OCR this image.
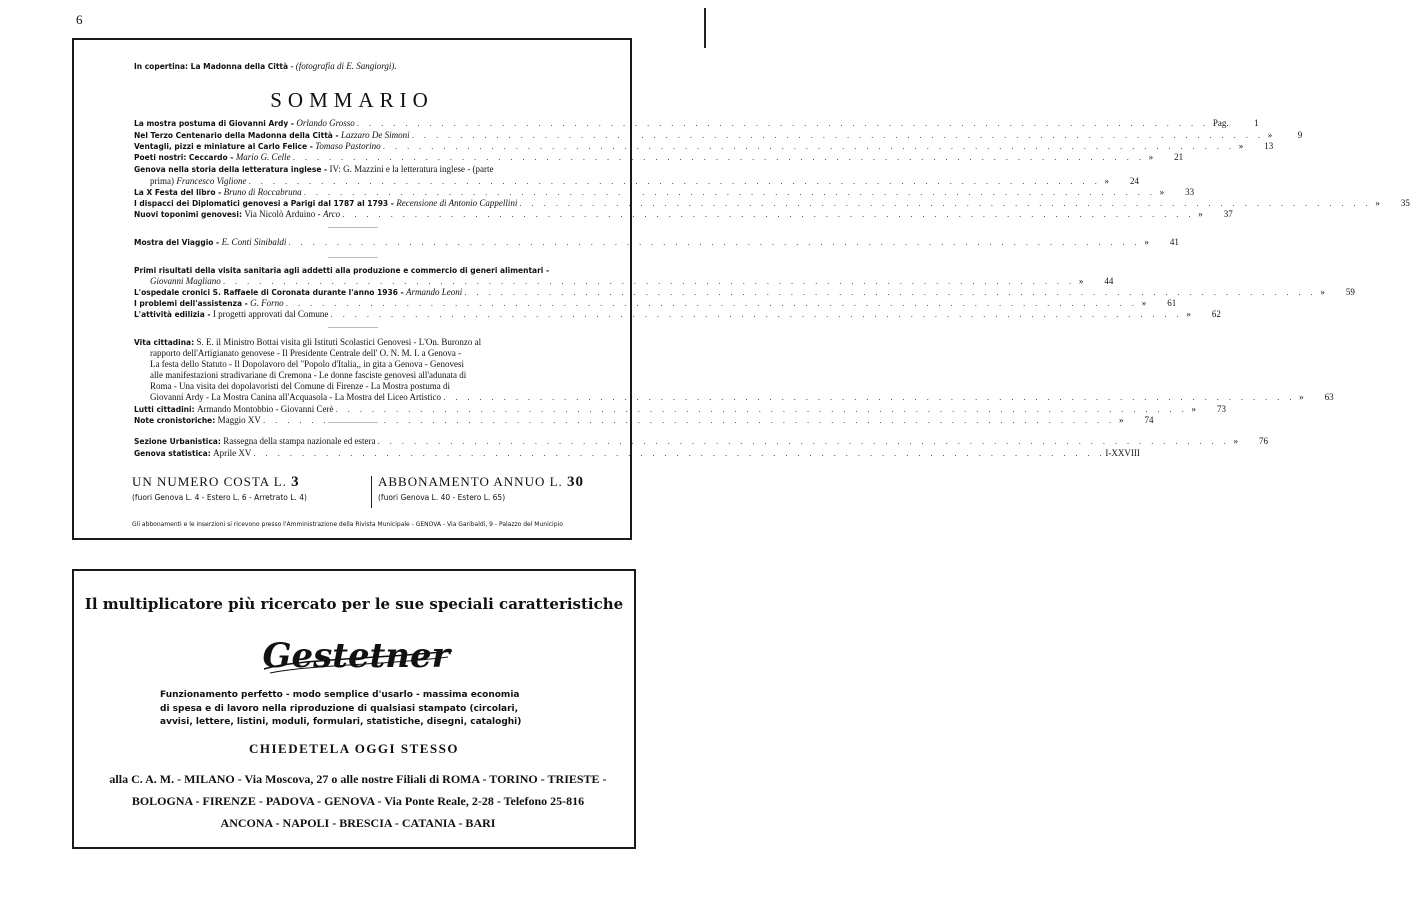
6
In copertina: La Madonna della Città - (fotografia di E. Sangiorgi).
SOMMARIO
La mostra postuma di Giovanni Ardy - Orlando Grosso . . .	Pag.	1
Nel Terzo Centenario della Madonna della Città - Lazzaro De Simoni . . .	»	9
Ventagli, pizzi e miniature al Carlo Felice - Tomaso Pastorino . . .	»	13
Poeti nostri: Ceccardo - Mario G. Celle . . .	»	21
Genova nella storia della letteratura inglese - IV: G. Mazzini e la letteratura inglese - (parte
prima) Francesco Viglione . . .	»	24
La X Festa del libro - Bruno di Roccabruna . . .	»	33
I dispacci dei Diplomatici genovesi a Parigi dal 1787 al 1793 - Recensione di Antonio Cappellini . . .	»	35
Nuovi toponimi genovesi: Via Nicolò Arduino - Arco . . .	»	37
Mostra del Viaggio - E. Conti Sinibaldi . . .	»	41
Primi risultati della visita sanitaria agli addetti alla produzione e commercio di generi alimentari -
Giovanni Magliano . . .	»	44
L'ospedale cronici S. Raffaele di Coronata durante l'anno 1936 - Armando Leoni . . .	»	59
I problemi dell'assistenza - G. Forno . . .	»	61
L'attività edilizia - I progetti approvati dal Comune . . .	»	62
Vita cittadina: S. E. il Ministro Bottai visita gli Istituti Scolastici Genovesi - L'On. Buronzo al
rapporto dell'Artigianato genovese - Il Presidente Centrale dell' O. N. M. I. a Genova -
La festa dello Statuto - Il Dopolavoro del "Popolo d'Italia,, in gita a Genova - Genovesi
alle manifestazioni stradivariane di Cremona - Le donne fasciste genovesi all'adunata di
Roma - Una visita dei dopolavoristi del Comune di Firenze - La Mostra postuma di
Giovanni Ardy - La Mostra Canina all'Acquasola - La Mostra del Liceo Artistico . . .	»	63
Lutti cittadini: Armando Montobbio - Giovanni Cerè . . .	»	73
Note cronistoriche: Maggio XV . . .	»	74
Sezione Urbanistica: Rassegna della stampa nazionale ed estera . . .	»	76
Genova statistica: Aprile XV . . .	I-XXVIII
UN NUMERO COSTA L. 3
(fuori Genova L. 4 - Estero L. 6 - Arretrato L. 4)
ABBONAMENTO ANNUO L. 30
(fuori Genova L. 40 - Estero L. 65)
Gli abbonamenti e le inserzioni si ricevono presso l'Amministrazione della Rivista Municipale - GENOVA - Via Garibaldi, 9 - Palazzo del Municipio
Il multiplicatore più ricercato per le sue speciali caratteristiche
Gestetner
Funzionamento perfetto - modo semplice d'usarlo - massima economia
di spesa e di lavoro nella riproduzione di qualsiasi stampato (circolari,
avvisi, lettere, listini, moduli, formulari, statistiche, disegni, cataloghi)
CHIEDETELA OGGI STESSO
alla C. A. M. - MILANO - Via Moscova, 27 o alle nostre Filiali di ROMA - TORINO - TRIESTE -
BOLOGNA - FIRENZE - PADOVA - GENOVA - Via Ponte Reale, 2-28 - Telefono 25-816
ANCONA - NAPOLI - BRESCIA - CATANIA - BARI
